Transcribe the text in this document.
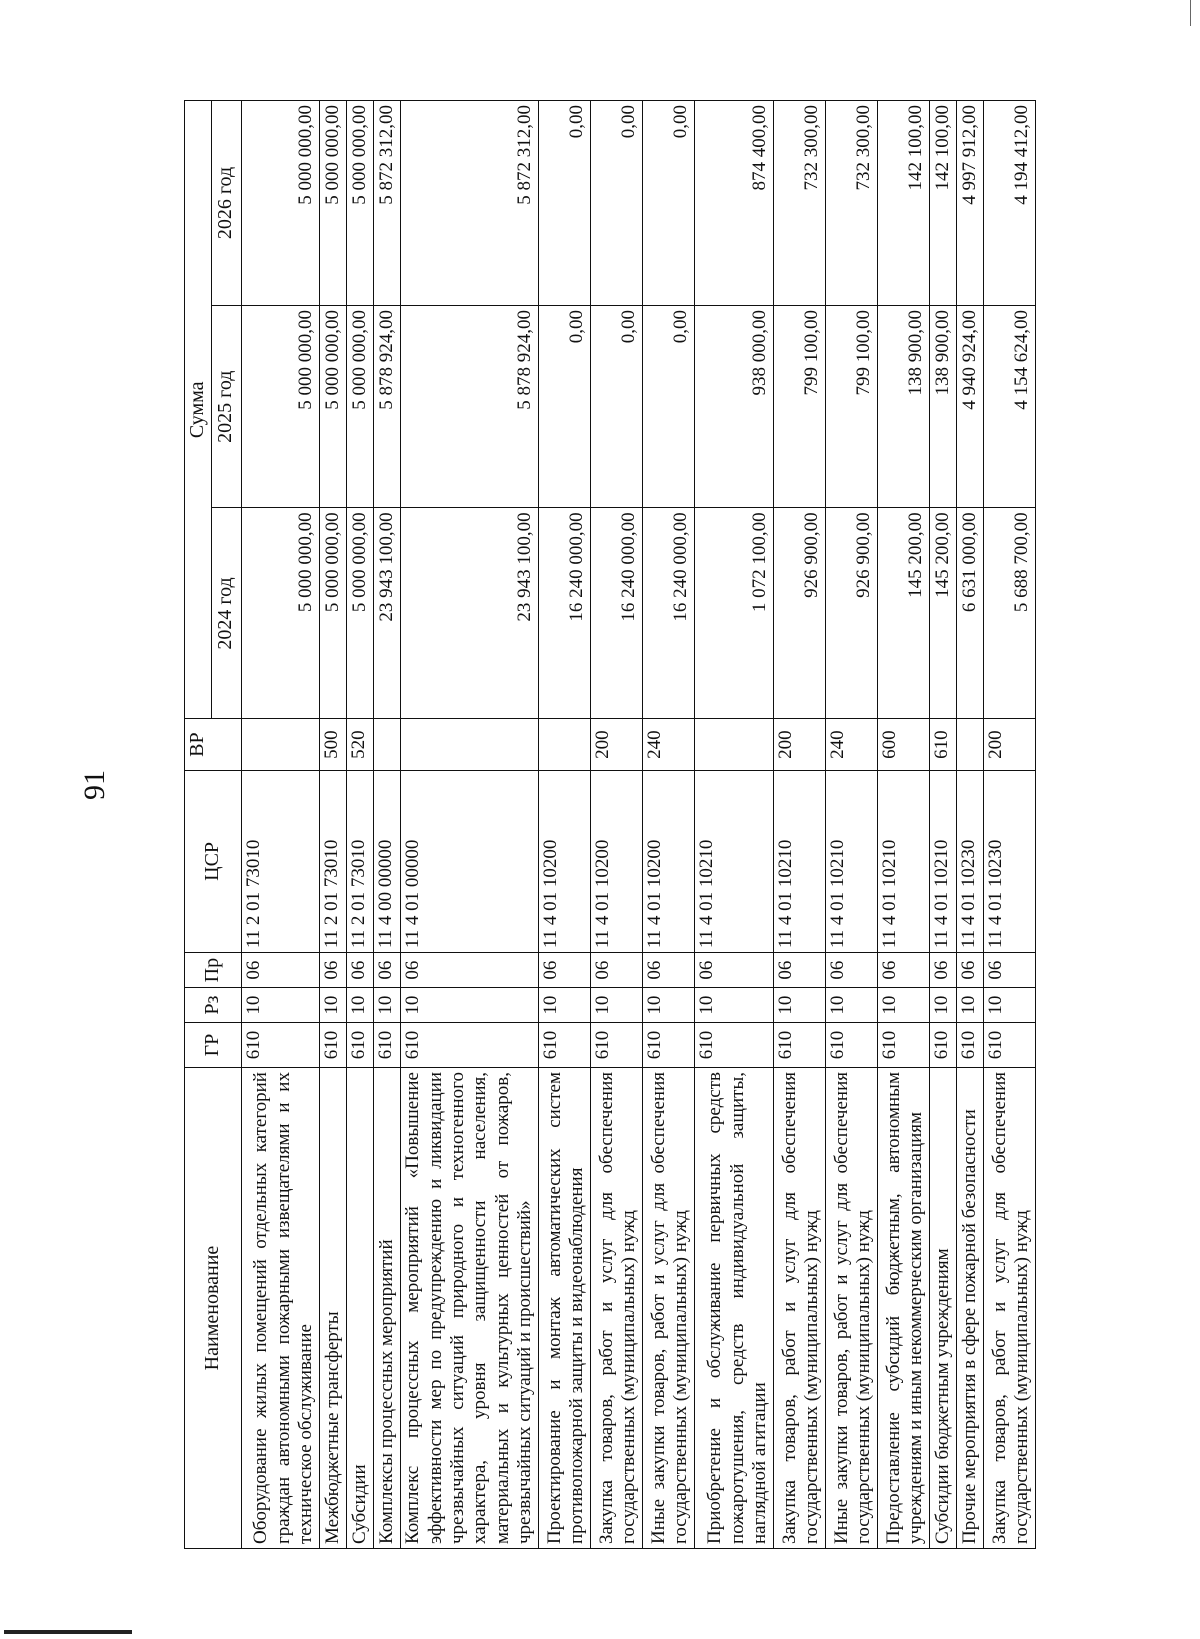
91
Наименование	ГР	Рз	Пр	ЦСР	ВР	Сумма		
						2024 год	2025 год	2026 год
Оборудование жилых помещений отдельных категорий граждан автономными пожарными извещателями и их техническое обслуживание	610	10	06	11 2 01 73010		5 000 000,00	5 000 000,00	5 000 000,00
Межбюджетные трансферты	610	10	06	11 2 01 73010	500	5 000 000,00	5 000 000,00	5 000 000,00
Субсидии	610	10	06	11 2 01 73010	520	5 000 000,00	5 000 000,00	5 000 000,00
Комплексы процессных мероприятий	610	10	06	11 4 00 00000		23 943 100,00	5 878 924,00	5 872 312,00
Комплекс процессных мероприятий «Повышение эффективности мер по предупреждению и ликвидации чрезвычайных ситуаций природного и техногенного характера, уровня защищенности населения, материальных и культурных ценностей от пожаров, чрезвычайных ситуаций и происшествий»	610	10	06	11 4 01 00000		23 943 100,00	5 878 924,00	5 872 312,00
Проектирование и монтаж автоматических систем противопожарной защиты и видеонаблюдения	610	10	06	11 4 01 10200		16 240 000,00	0,00	0,00
Закупка товаров, работ и услуг для обеспечения государственных (муниципальных) нужд	610	10	06	11 4 01 10200	200	16 240 000,00	0,00	0,00
Иные закупки товаров, работ и услуг для обеспечения государственных (муниципальных) нужд	610	10	06	11 4 01 10200	240	16 240 000,00	0,00	0,00
Приобретение и обслуживание первичных средств пожаротушения, средств индивидуальной защиты, наглядной агитации	610	10	06	11 4 01 10210		1 072 100,00	938 000,00	874 400,00
Закупка товаров, работ и услуг для обеспечения государственных (муниципальных) нужд	610	10	06	11 4 01 10210	200	926 900,00	799 100,00	732 300,00
Иные закупки товаров, работ и услуг для обеспечения государственных (муниципальных) нужд	610	10	06	11 4 01 10210	240	926 900,00	799 100,00	732 300,00
Предоставление субсидий бюджетным, автономным учреждениям и иным некоммерческим организациям	610	10	06	11 4 01 10210	600	145 200,00	138 900,00	142 100,00
Субсидии бюджетным учреждениям	610	10	06	11 4 01 10210	610	145 200,00	138 900,00	142 100,00
Прочие мероприятия в сфере пожарной безопасности	610	10	06	11 4 01 10230		6 631 000,00	4 940 924,00	4 997 912,00
Закупка товаров, работ и услуг для обеспечения государственных (муниципальных) нужд	610	10	06	11 4 01 10230	200	5 688 700,00	4 154 624,00	4 194 412,00
